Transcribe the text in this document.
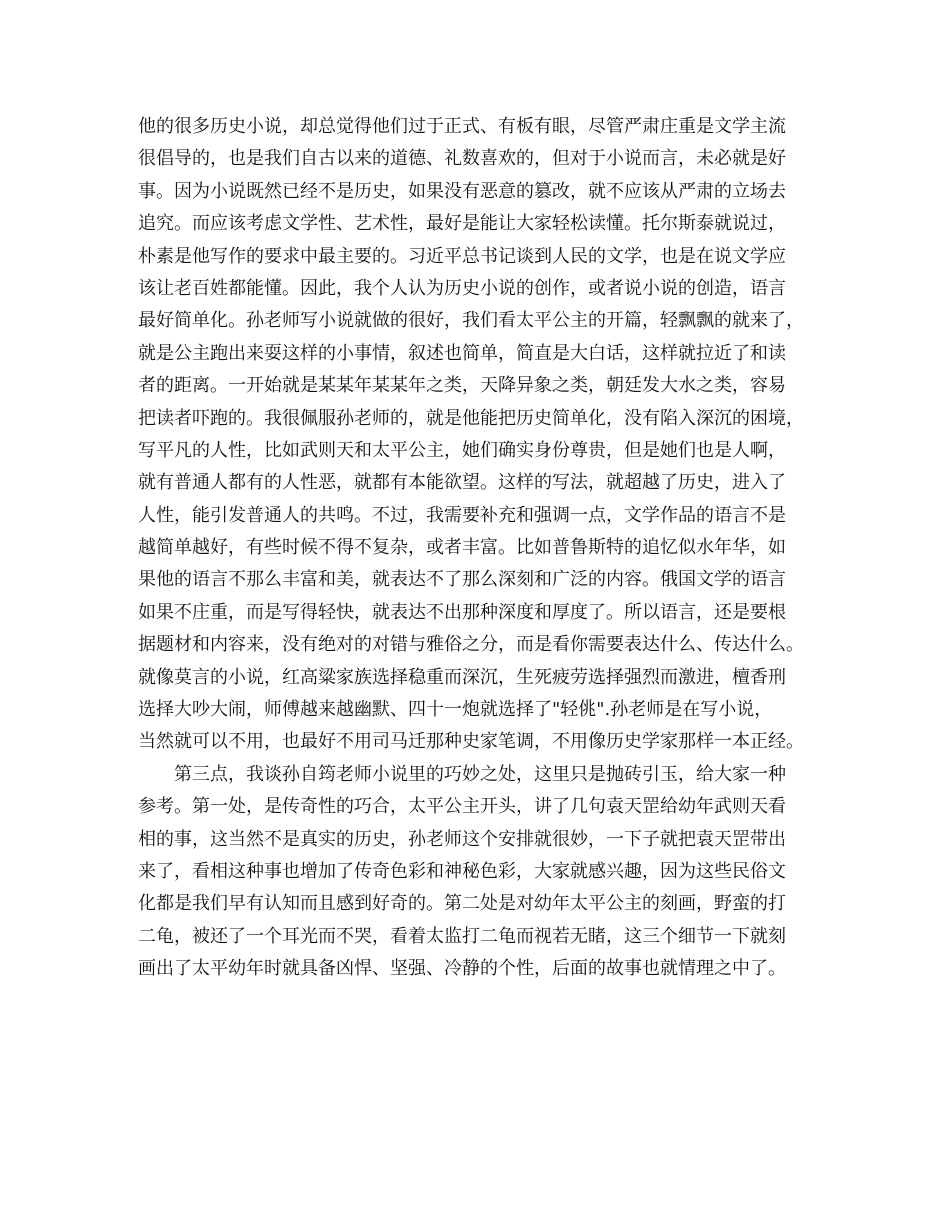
他的很多历史小说，却总觉得他们过于正式、有板有眼，尽管严肃庄重是文学主流

很倡导的，也是我们自古以来的道德、礼数喜欢的，但对于小说而言，未必就是好

事。因为小说既然已经不是历史，如果没有恶意的篡改，就不应该从严肃的立场去

追究。而应该考虑文学性、艺术性，最好是能让大家轻松读懂。托尔斯泰就说过，

朴素是他写作的要求中最主要的。习近平总书记谈到人民的文学，也是在说文学应

该让老百姓都能懂。因此，我个人认为历史小说的创作，或者说小说的创造，语言

最好简单化。孙老师写小说就做的很好，我们看太平公主的开篇，轻飘飘的就来了，

就是公主跑出来耍这样的小事情，叙述也简单，简直是大白话，这样就拉近了和读

者的距离。一开始就是某某年某某年之类，天降异象之类，朝廷发大水之类，容易

把读者吓跑的。我很佩服孙老师的，就是他能把历史简单化，没有陷入深沉的困境，

写平凡的人性，比如武则天和太平公主，她们确实身份尊贵，但是她们也是人啊，

就有普通人都有的人性恶，就都有本能欲望。这样的写法，就超越了历史，进入了

人性，能引发普通人的共鸣。不过，我需要补充和强调一点，文学作品的语言不是

越简单越好，有些时候不得不复杂，或者丰富。比如普鲁斯特的追忆似水年华，如

果他的语言不那么丰富和美，就表达不了那么深刻和广泛的内容。俄国文学的语言

如果不庄重，而是写得轻快，就表达不出那种深度和厚度了。所以语言，还是要根

据题材和内容来，没有绝对的对错与雅俗之分，而是看你需要表达什么、传达什么。

就像莫言的小说，红高粱家族选择稳重而深沉，生死疲劳选择强烈而激进，檀香刑

选择大吵大闹，师傅越来越幽默、四十一炮就选择了"轻佻".孙老师是在写小说，

当然就可以不用，也最好不用司马迁那种史家笔调，不用像历史学家那样一本正经。

第三点，我谈孙自筠老师小说里的巧妙之处，这里只是抛砖引玉，给大家一种

参考。第一处，是传奇性的巧合，太平公主开头，讲了几句袁天罡给幼年武则天看

相的事，这当然不是真实的历史，孙老师这个安排就很妙，一下子就把袁天罡带出

来了，看相这种事也增加了传奇色彩和神秘色彩，大家就感兴趣，因为这些民俗文

化都是我们早有认知而且感到好奇的。第二处是对幼年太平公主的刻画，野蛮的打

二龟，被还了一个耳光而不哭，看着太监打二龟而视若无睹，这三个细节一下就刻

画出了太平幼年时就具备凶悍、坚强、冷静的个性，后面的故事也就情理之中了。
